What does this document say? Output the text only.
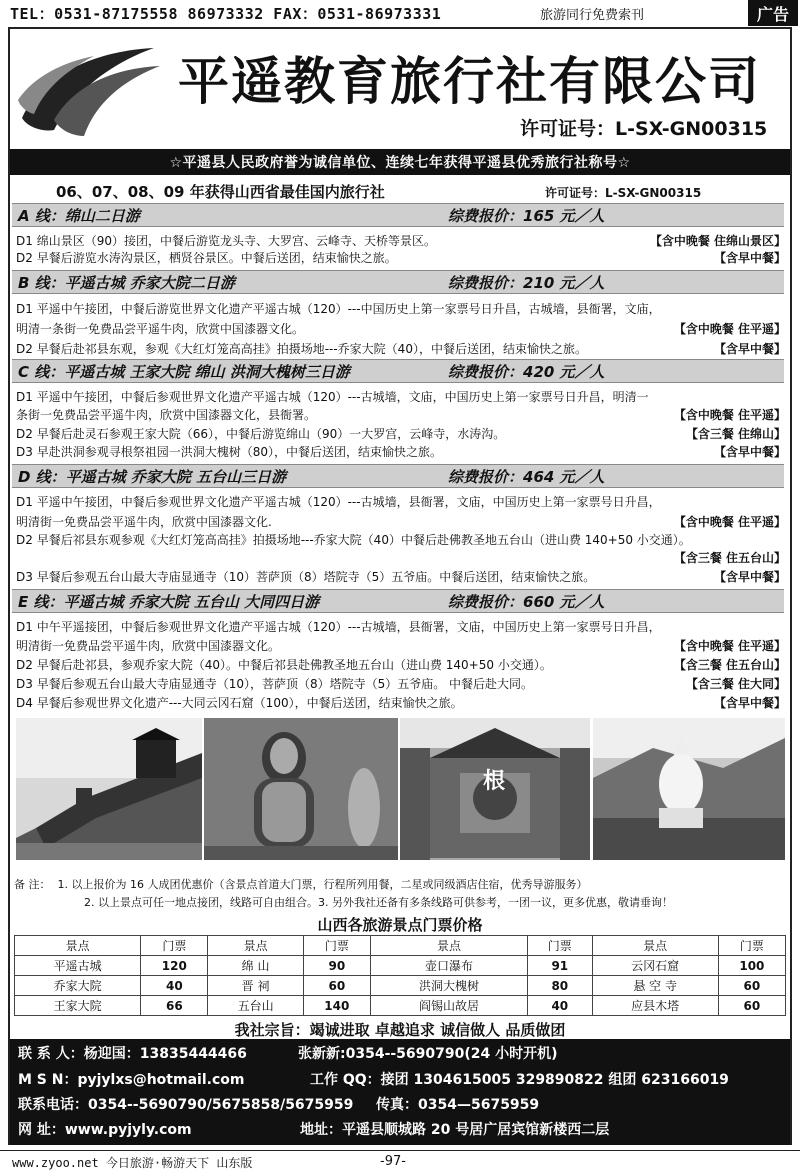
TEL：0531-87175558 86973332 FAX：0531-86973331	旅游同行免费索刊	广告
平遥教育旅行社有限公司
许可证号：L-SX-GN00315
☆平遥县人民政府誉为诚信单位、连续七年获得平遥县优秀旅行社称号☆
06、07、08、09 年获得山西省最佳国内旅行社	许可证号：L-SX-GN00315
A 线：绵山二日游	综费报价：165 元／人
D1 绵山景区（90）接团，中餐后游览龙头寺、大罗宫、云峰寺、天桥等景区。	【含中晚餐 住绵山景区】
D2 早餐后游览水涛沟景区，栖贤谷景区。中餐后送团，结束愉快之旅。	【含早中餐】
B 线：平遥古城 乔家大院二日游	综费报价：210 元／人
D1 平遥中午接团，中餐后游览世界文化遗产平遥古城（120）---中国历史上第一家票号日升昌，古城墙，县衙署，文庙，
明清一条街一免费品尝平遥牛肉，欣赏中国漆器文化。	【含中晚餐 住平遥】
D2 早餐后赴祁县东观，参观《大红灯笼高高挂》拍摄场地---乔家大院（40），中餐后送团，结束愉快之旅。	【含早中餐】
C 线：平遥古城 王家大院 绵山 洪洞大槐树三日游	综费报价：420 元／人
D1 平遥中午接团，中餐后参观世界文化遗产平遥古城（120）---古城墙，文庙，中国历史上第一家票号日升昌，明清一
条街一免费品尝平遥牛肉，欣赏中国漆器文化，县衙署。	【含中晚餐 住平遥】
D2 早餐后赴灵石参观王家大院（66），中餐后游览绵山（90）一大罗宫，云峰寺，水涛沟。	【含三餐 住绵山】
D3 早赴洪洞参观寻根祭祖园一洪洞大槐树（80），中餐后送团，结束愉快之旅。	【含早中餐】
D 线：平遥古城 乔家大院 五台山三日游	综费报价：464 元／人
D1 平遥中午接团，中餐后参观世界文化遗产平遥古城（120）---古城墙，县衙署，文庙，中国历史上第一家票号日升昌，
明清街一免费品尝平遥牛肉，欣赏中国漆器文化.	【含中晚餐 住平遥】
D2 早餐后祁县东观参观《大红灯笼高高挂》拍摄场地---乔家大院（40）中餐后赴佛教圣地五台山（进山费 140+50 小交通）。
【含三餐 住五台山】
D3 早餐后参观五台山最大寺庙显通寺（10）菩萨顶（8）塔院寺（5）五爷庙。中餐后送团，结束愉快之旅。	【含早中餐】
E 线：平遥古城 乔家大院 五台山 大同四日游	综费报价：660 元／人
D1 中午平遥接团，中餐后参观世界文化遗产平遥古城（120）---古城墙，县衙署，文庙，中国历史上第一家票号日升昌，
明清街一免费品尝平遥牛肉，欣赏中国漆器文化。	【含中晚餐 住平遥】
D2 早餐后赴祁县，参观乔家大院（40）。中餐后祁县赴佛教圣地五台山（进山费 140+50 小交通）。	【含三餐 住五台山】
D3 早餐后参观五台山最大寺庙显通寺（10），菩萨顶（8）塔院寺（5）五爷庙。 中餐后赴大同。	【含三餐 住大同】
D4 早餐后参观世界文化遗产---大同云冈石窟（100），中餐后送团，结束愉快之旅。	【含早中餐】
根
备 注： 1. 以上报价为 16 人成团优惠价（含景点首道大门票，行程所列用餐，二星或同级酒店住宿，优秀导游服务）
2. 以上景点可任一地点接团，线路可自由组合。3. 另外我社还备有多条线路可供参考，一团一议，更多优惠，敬请垂询！
山西各旅游景点门票价格
景点	门票	景点	门票	景点	门票	景点	门票
平遥古城	120	绵 山	90	壶口瀑布	91	云冈石窟	100
乔家大院	40	晋 祠	60	洪洞大槐树	80	悬 空 寺	60
王家大院	66	五台山	140	阎锡山故居	40	应县木塔	60
我社宗旨：竭诚进取 卓越追求 诚信做人 品质做团
联 系 人：杨迎国：13835444466	张新新:0354--5690790(24 小时开机)
M S N：pyjylxs@hotmail.com	工作 QQ：接团 1304615005 329890822 组团 623166019
联系电话：0354--5690790/5675858/5675959 传真：0354—5675959
网 址：www.pyjyly.com	地址：平遥县顺城路 20 号居广居宾馆新楼西二层
www.zyoo.net 今日旅游·畅游天下 山东版	-97-
